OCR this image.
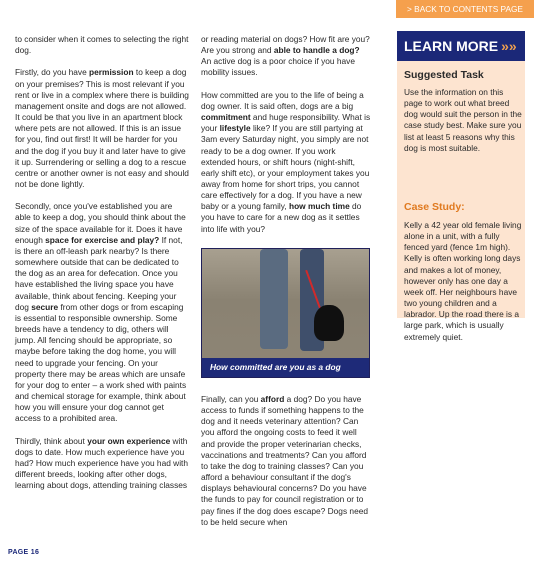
> BACK TO CONTENTS PAGE

to consider when it comes to selecting the right dog.

Firstly, do you have permission to keep a dog on your premises? This is most relevant if you rent or live in a complex where there is building management onsite and dogs are not allowed. It could be that you live in an apartment block where pets are not allowed. If this is an issue for you, find out first! It will be harder for you and the dog if you buy it and later have to give it up. Surrendering or selling a dog to a rescue centre or another owner is not easy and should not be done lightly.

Secondly, once you've established you are able to keep a dog, you should think about the size of the space available for it. Does it have enough space for exercise and play? If not, is there an off-leash park nearby? Is there somewhere outside that can be dedicated to the dog as an area for defecation. Once you have established the living space you have available, think about fencing. Keeping your dog secure from other dogs or from escaping is essential to responsible ownership. Some breeds have a tendency to dig, others will jump. All fencing should be appropriate, so maybe before taking the dog home, you will need to upgrade your fencing. On your property there may be areas which are unsafe for your dog to enter – a work shed with paints and chemical storage for example, think about how you will ensure your dog cannot get access to a prohibited area.

Thirdly, think about your own experience with dogs to date. How much experience have you had? How much experience have you had with different breeds, looking after other dogs, learning about dogs, attending training classes

or reading material on dogs? How fit are you? Are you strong and able to handle a dog? An active dog is a poor choice if you have mobility issues.

How committed are you to the life of being a dog owner. It is said often, dogs are a big commitment and huge responsibility. What is your lifestyle like? If you are still partying at 3am every Saturday night, you simply are not ready to be a dog owner. If you work extended hours, or shift hours (night-shift, early shift etc), or your employment takes you away from home for short trips, you cannot care effectively for a dog. If you have a new baby or a young family, how much time do you have to care for a new dog as it settles into life with you?

How committed are you as a dog owner?

Finally, can you afford a dog? Do you have access to funds if something happens to the dog and it needs veterinary attention? Can you afford the ongoing costs to feed it well and provide the proper veterinarian checks, vaccinations and treatments? Can you afford to take the dog to training classes? Can you afford a behaviour consultant if the dog's displays behavioural concerns? Do you have the funds to pay for council registration or to pay fines if the dog does escape? Dogs need to be held secure when

LEARN MORE »»
Suggested Task
Use the information on this page to work out what breed dog would suit the person in the case study best. Make sure you list at least 5 reasons why this dog is most suitable.
Case Study:
Kelly a 42 year old female living alone in a unit, with a fully fenced yard (fence 1m high). Kelly is often working long days and makes a lot of money, however only has one day a week off. Her neighbours have two young children and a labrador. Up the road there is a large park, which is usually extremely quiet.
PAGE 16
